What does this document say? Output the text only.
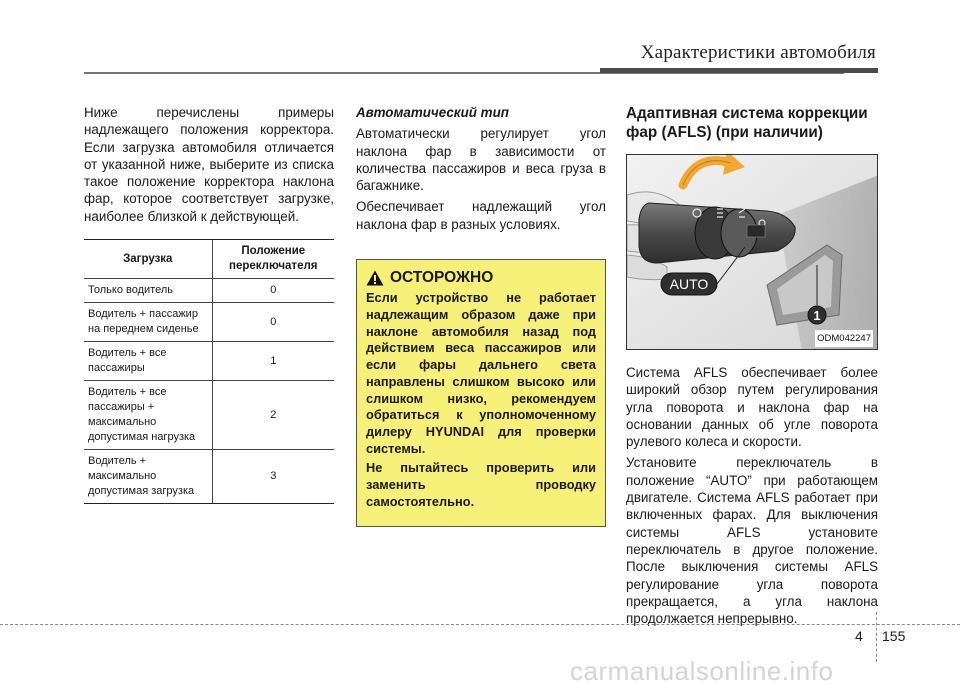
Характеристики автомобиля

Ниже перечислены примеры надлежащего положения корректора. Если загрузка автомобиля отличается от указанной ниже, выберите из списка такое положение корректора наклона фар, которое соответствует загрузке, наиболее близкой к действующей.

Загрузка	Положение переключателя
Только водитель	0
Водитель + пассажир на переднем сиденье	0
Водитель + все пассажиры	1
Водитель + все пассажиры + максимально допустимая нагрузка	2
Водитель + максимально допустимая загрузка	3

Автоматический тип

Автоматически регулирует угол наклона фар в зависимости от количества пассажиров и веса груза в багажнике.

Обеспечивает надлежащий угол наклона фар в разных условиях.

ОСТОРОЖНО

Если устройство не работает надлежащим образом даже при наклоне автомобиля назад под действием веса пассажиров или если фары дальнего света направлены слишком высоко или слишком низко, рекомендуем обратиться к уполномоченному дилеру HYUNDAI для проверки системы.

Не пытайтесь проверить или заменить проводку самостоятельно.

Адаптивная система коррекции фар (AFLS) (при наличии)

AUTO
1
ODM042247

Система AFLS обеспечивает более широкий обзор путем регулирования угла поворота и наклона фар на основании данных об угле поворота рулевого колеса и скорости.

Установите переключатель в положение “AUTO” при работающем двигателе. Система AFLS работает при включенных фарах. Для выключения системы AFLS установите переключатель в другое положение. После выключения системы AFLS регулирование угла поворота прекращается, а угла наклона продолжается непрерывно.

4 155
carmanualsonline.info
